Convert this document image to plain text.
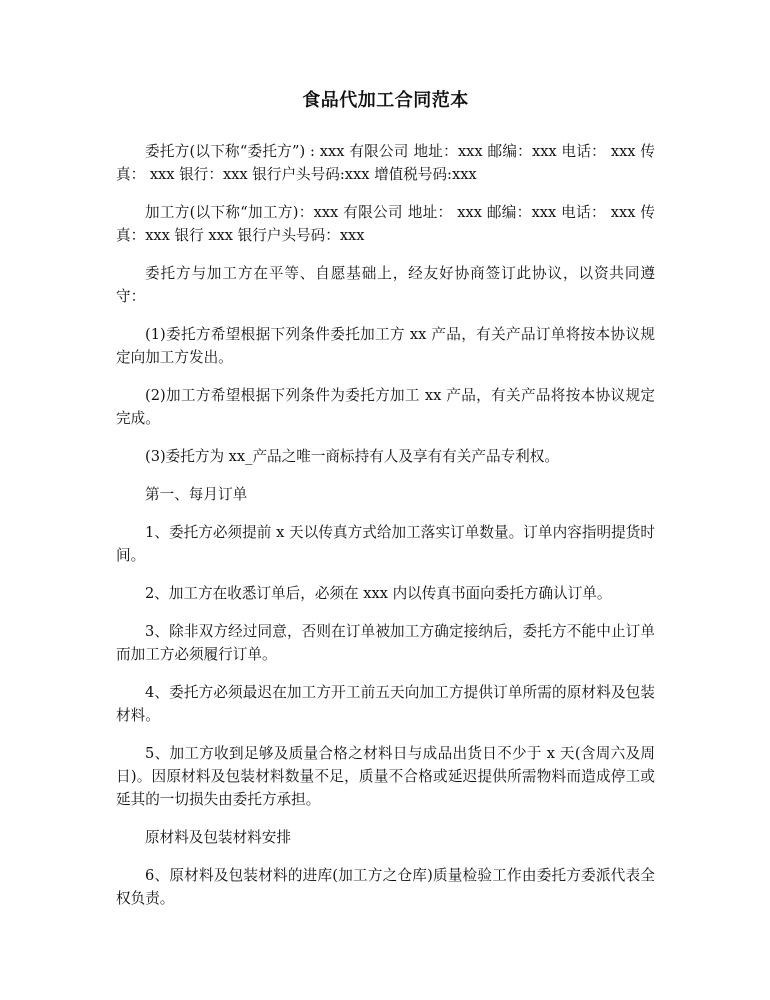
食品代加工合同范本

委托方(以下称“委托方”) : xxx 有限公司 地址：xxx 邮编：xxx 电话： xxx 传真： xxx 银行：xxx 银行户头号码:xxx 增值税号码:xxx

加工方(以下称“加工方)：xxx 有限公司 地址： xxx 邮编：xxx 电话： xxx 传真：xxx 银行 xxx 银行户头号码：xxx

委托方与加工方在平等、自愿基础上，经友好协商签订此协议，以资共同遵守：

(1)委托方希望根据下列条件委托加工方 xx 产品，有关产品订单将按本协议规定向加工方发出。

(2)加工方希望根据下列条件为委托方加工 xx 产品，有关产品将按本协议规定完成。

(3)委托方为 xx_产品之唯一商标持有人及享有有关产品专利权。

第一、每月订单

1、委托方必须提前 x 天以传真方式给加工落实订单数量。订单内容指明提货时间。

2、加工方在收悉订单后，必须在 xxx 内以传真书面向委托方确认订单。

3、除非双方经过同意，否则在订单被加工方确定接纳后，委托方不能中止订单而加工方必须履行订单。

4、委托方必须最迟在加工方开工前五天向加工方提供订单所需的原材料及包装材料。

5、加工方收到足够及质量合格之材料日与成品出货日不少于 x 天(含周六及周日)。因原材料及包装材料数量不足，质量不合格或延迟提供所需物料而造成停工或延其的一切损失由委托方承担。

原材料及包装材料安排

6、原材料及包装材料的进库(加工方之仓库)质量检验工作由委托方委派代表全权负责。
